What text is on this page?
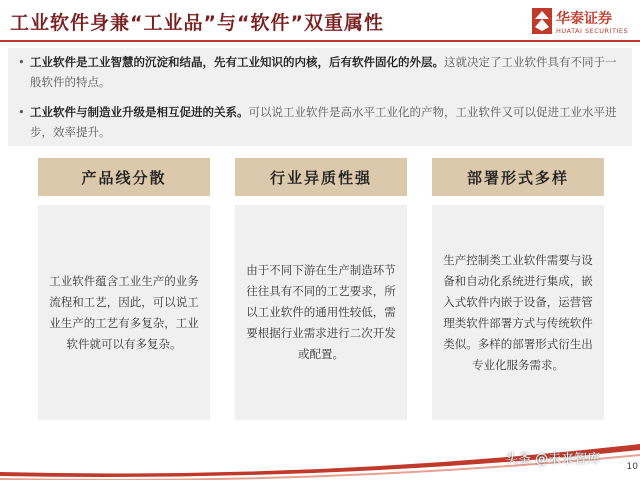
工业软件身兼“工业品”与“软件”双重属性	华泰证券
HUATAI SECURITIES
• 工业软件是工业智慧的沉淀和结晶，先有工业知识的内核，后有软件固化的外层。这就决定了工业软件具有不同于一般软件的特点。
• 工业软件与制造业升级是相互促进的关系。可以说工业软件是高水平工业化的产物，工业软件又可以促进工业水平进步，效率提升。
产品线分散	行业异质性强	部署形式多样
工业软件蕴含工业生产的业务流程和工艺，因此，可以说工业生产的工艺有多复杂，工业软件就可以有多复杂。
由于不同下游在生产制造环节往往具有不同的工艺要求，所以工业软件的通用性较低，需要根据行业需求进行二次开发或配置。
生产控制类工业软件需要与设备和自动化系统进行集成，嵌入式软件内嵌于设备，运营管理类软件部署方式与传统软件类似。多样的部署形式衍生出专业化服务需求。
头条 @未来智库	10
